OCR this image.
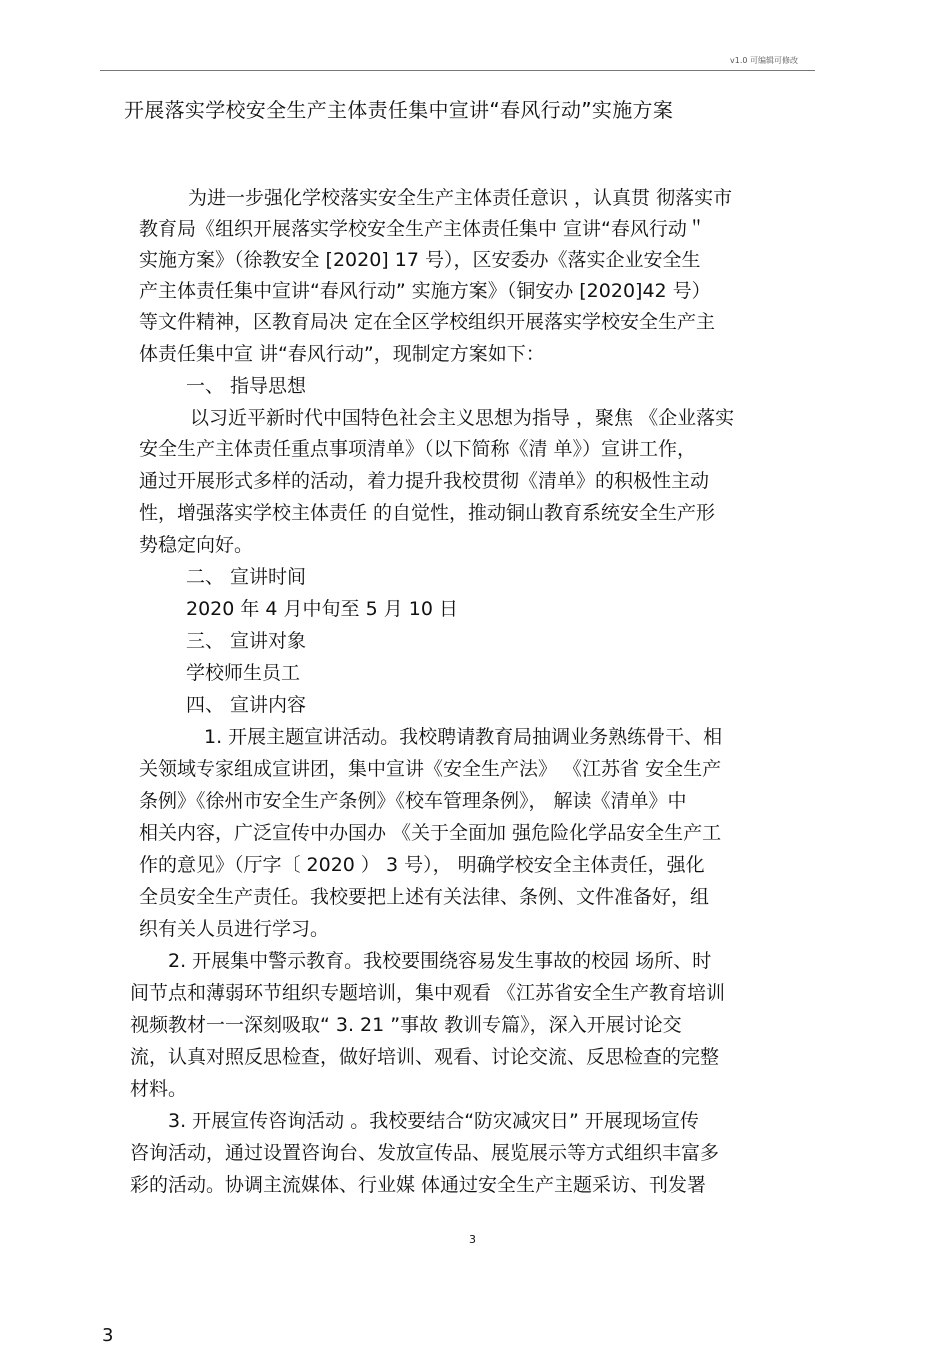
v1.0 可编辑可修改
开展落实学校安全生产主体责任集中宣讲“春风行动”实施方案
为进一步强化学校落实安全生产主体责任意识 ，认真贯 彻落实市
教育局《组织开展落实学校安全生产主体责任集中 宣讲“春风行动＂
实施方案》（徐教安全 [2020] 17 号），区安委办《落实企业安全生
产主体责任集中宣讲“春风行动” 实施方案》（铜安办 [2020]42 号）
等文件精神，区教育局决 定在全区学校组织开展落实学校安全生产主
体责任集中宣 讲“春风行动”，现制定方案如下：
一、 指导思想
以习近平新时代中国特色社会主义思想为指导 ，聚焦 《企业落实
安全生产主体责任重点事项清单》（以下简称《清 单》）宣讲工作，
通过开展形式多样的活动，着力提升我校贯彻《清单》的积极性主动
性，增强落实学校主体责任 的自觉性，推动铜山教育系统安全生产形
势稳定向好。
二、 宣讲时间
2020 年 4 月中旬至 5 月 10 日
三、 宣讲对象
学校师生员工
四、 宣讲内容
1. 开展主题宣讲活动。我校聘请教育局抽调业务熟练骨干、相
关领域专家组成宣讲团，集中宣讲《安全生产法》 《江苏省 安全生产
条例》《徐州市安全生产条例》《校车管理条例》， 解读《清单》中
相关内容，广泛宣传中办国办 《关于全面加 强危险化学品安全生产工
作的意见》（厅字〔 2020 ） 3 号）， 明确学校安全主体责任，强化
全员安全生产责任。我校要把上述有关法律、条例、文件准备好，组
织有关人员进行学习。
2. 开展集中警示教育。我校要围绕容易发生事故的校园 场所、时
间节点和薄弱环节组织专题培训，集中观看 《江苏省安全生产教育培训
视频教材一一深刻吸取“ 3. 21 ”事故 教训专篇》，深入开展讨论交
流，认真对照反思检查，做好培训、观看、讨论交流、反思检查的完整
材料。
3. 开展宣传咨询活动 。我校要结合“防灾减灾日” 开展现场宣传
咨询活动，通过设置咨询台、发放宣传品、展览展示等方式组织丰富多
彩的活动。协调主流媒体、行业媒 体通过安全生产主题采访、刊发署
3
3
